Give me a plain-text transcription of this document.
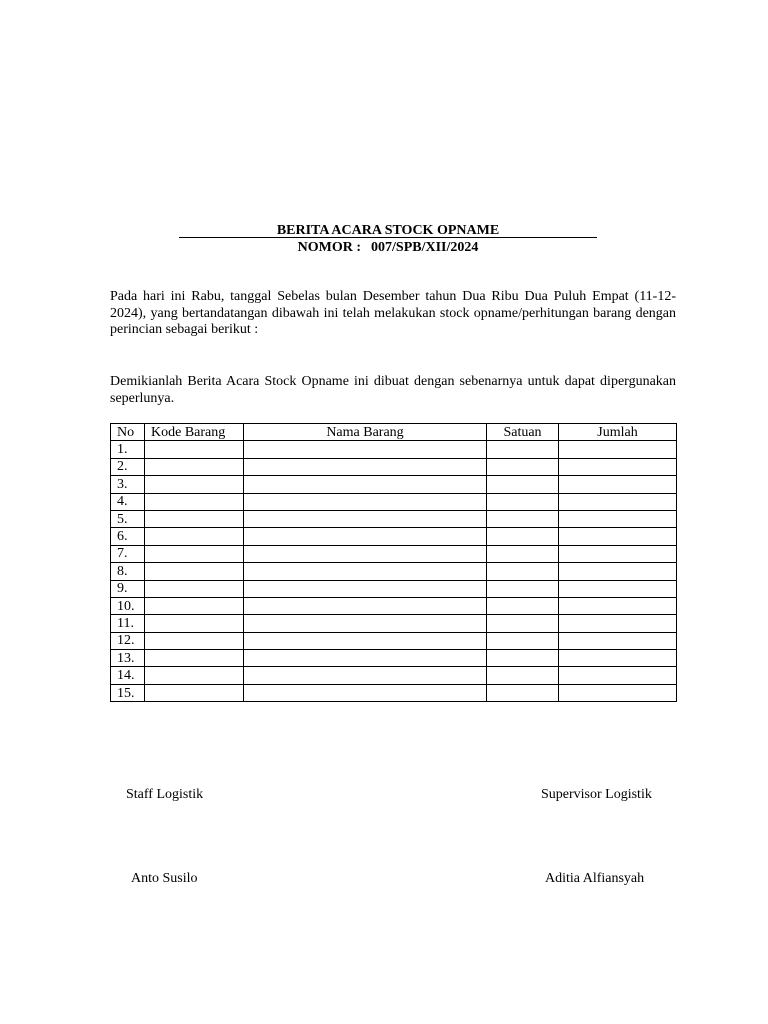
BERITA ACARA STOCK OPNAME
NOMOR : 007/SPB/XII/2024

Pada hari ini Rabu, tanggal Sebelas bulan Desember tahun Dua Ribu Dua Puluh Empat (11-12-2024), yang bertandatangan dibawah ini telah melakukan stock opname/perhitungan barang dengan perincian sebagai berikut :

Demikianlah Berita Acara Stock Opname ini dibuat dengan sebenarnya untuk dapat dipergunakan seperlunya.

No	Kode Barang	Nama Barang	Satuan	Jumlah
1.				
2.				
3.				
4.				
5.				
6.				
7.				
8.				
9.				
10.				
11.				
12.				
13.				
14.				
15.				
Staff Logistik	Supervisor Logistik
Anto Susilo	Aditia Alfiansyah
